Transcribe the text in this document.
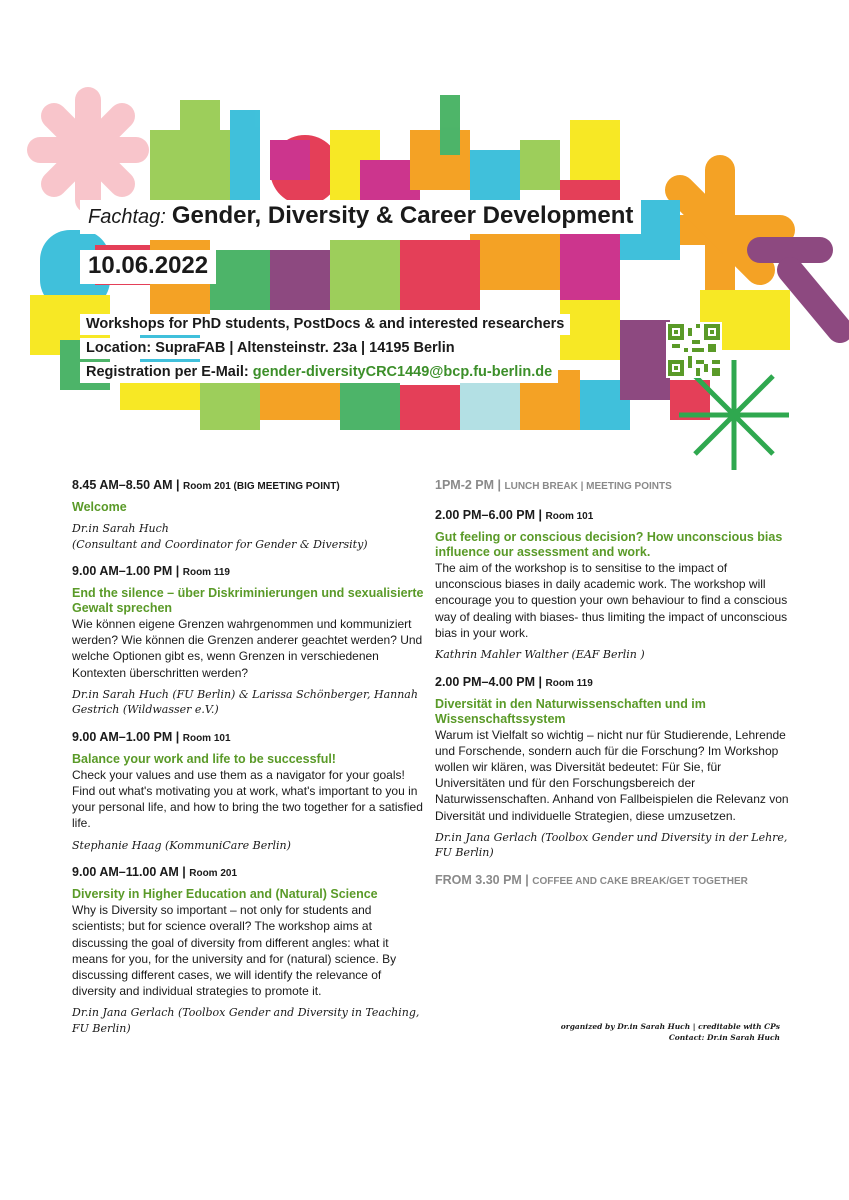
Fachtag: Gender, Diversity & Career Development
10.06.2022
Workshops for PhD students, PostDocs & and interested researchers
Location: SupraFAB | Altensteinstr. 23a | 14195 Berlin
Registration per E-Mail: gender-diversityCRC1449@bcp.fu-berlin.de
8.45 AM–8.50 AM | Room 201 (BIG MEETING POINT)
Welcome
Dr.in Sarah Huch
(Consultant and Coordinator for Gender & Diversity)
9.00 AM–1.00 PM | Room 119
End the silence – über Diskriminierungen und sexualisierte Gewalt sprechen
Wie können eigene Grenzen wahrgenommen und kommuniziert werden? Wie können die Grenzen anderer geachtet werden? Und welche Optionen gibt es, wenn Grenzen in verschiedenen Kontexten überschritten werden?
Dr.in Sarah Huch (FU Berlin) & Larissa Schönberger, Hannah Gestrich (Wildwasser e.V.)
9.00 AM–1.00 PM | Room 101
Balance your work and life to be successful!
Check your values and use them as a navigator for your goals! Find out what's motivating you at work, what's important to you in your personal life, and how to bring the two together for a satisfied life.
Stephanie Haag (KommuniCare Berlin)
9.00 AM–11.00 AM | Room 201
Diversity in Higher Education and (Natural) Science
Why is Diversity so important – not only for students and scientists; but for science overall? The workshop aims at discussing the goal of diversity from different angles: what it means for you, for the university and for (natural) science. By discussing different cases, we will identify the relevance of diversity and individual strategies to promote it.
Dr.in Jana Gerlach (Toolbox Gender and Diversity in Teaching, FU Berlin)
1PM-2 PM | LUNCH BREAK | MEETING POINTS
2.00 PM–6.00 PM | Room 101
Gut feeling or conscious decision? How unconscious bias influence our assessment and work.
The aim of the workshop is to sensitise to the impact of unconscious biases in daily academic work. The workshop will encourage you to question your own behaviour to find a conscious way of dealing with biases- thus limiting the impact of unconscious bias in your work.
Kathrin Mahler Walther (EAF Berlin )
2.00 PM–4.00 PM | Room 119
Diversität in den Naturwissenschaften und im Wissenschaftssystem
Warum ist Vielfalt so wichtig – nicht nur für Studierende, Lehrende und Forschende, sondern auch für die Forschung? Im Workshop wollen wir klären, was Diversität bedeutet: Für Sie, für Universitäten und für den Forschungsbereich der Naturwissenschaften. Anhand von Fallbeispielen die Relevanz von Diversität und individuelle Strategien, diese umzusetzen.
Dr.in Jana Gerlach (Toolbox Gender und Diversity in der Lehre, FU Berlin)
FROM 3.30 PM | COFFEE AND CAKE BREAK/GET TOGETHER
organized by Dr.in Sarah Huch | creditable with CPs
Contact: Dr.in Sarah Huch
